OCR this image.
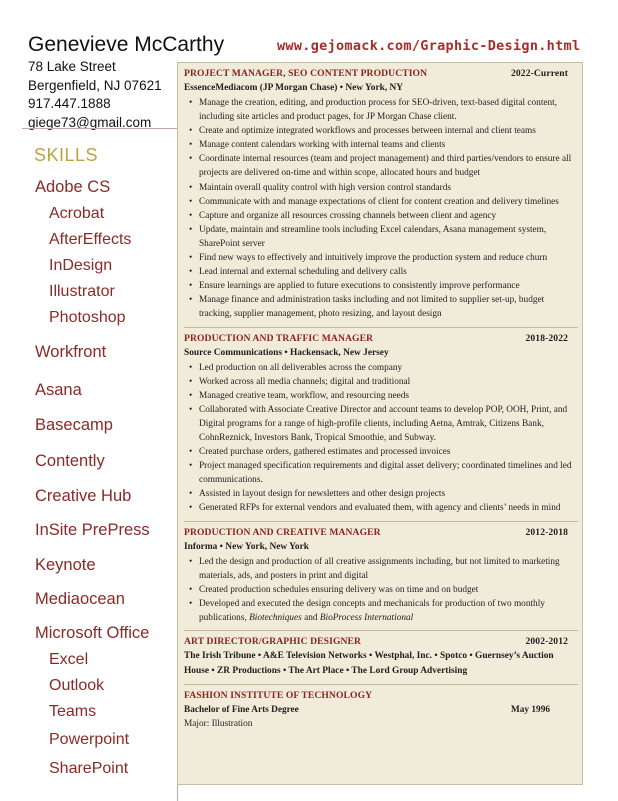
Genevieve McCarthy	www.gejomack.com/Graphic-Design.html
78 Lake Street
Bergenfield, NJ 07621
917.447.1888
giege73@gmail.com
SKILLS
Adobe CS
Acrobat
AfterEffects
InDesign
Illustrator
Photoshop
Workfront
Asana
Basecamp
Contently
Creative Hub
InSite PrePress
Keynote
Mediaocean
Microsoft Office
Excel
Outlook
Teams
Powerpoint
SharePoint
PROJECT MANAGER, SEO CONTENT PRODUCTION	2022-Current
EssenceMediacom (JP Morgan Chase) • New York, NY
• Manage the creation, editing, and production process for SEO-driven, text-based digital content, including site articles and product pages, for JP Morgan Chase client.
• Create and optimize integrated workflows and processes between internal and client teams
• Manage content calendars working with internal teams and clients
• Coordinate internal resources (team and project management) and third parties/vendors to ensure all projects are delivered on-time and within scope, allocated hours and budget
• Maintain overall quality control with high version control standards
• Communicate with and manage expectations of client for content creation and delivery timelines
• Capture and organize all resources crossing channels between client and agency
• Update, maintain and streamline tools including Excel calendars, Asana management system, SharePoint server
• Find new ways to effectively and intuitively improve the production system and reduce churn
• Lead internal and external scheduling and delivery calls
• Ensure learnings are applied to future executions to consistently improve performance
• Manage finance and administration tasks including and not limited to supplier set-up, budget tracking, supplier management, photo resizing, and layout design
PRODUCTION AND TRAFFIC MANAGER	2018-2022
Source Communications • Hackensack, New Jersey
• Led production on all deliverables across the company
• Worked across all media channels; digital and traditional
• Managed creative team, workflow, and resourcing needs
• Collaborated with Associate Creative Director and account teams to develop POP, OOH, Print, and Digital programs for a range of high-profile clients, including Aetna, Amtrak, Citizens Bank, CohnReznick, Investors Bank, Tropical Smoothie, and Subway.
• Created purchase orders, gathered estimates and processed invoices
• Project managed specification requirements and digital asset delivery; coordinated timelines and led communications.
• Assisted in layout design for newsletters and other design projects
• Generated RFPs for external vendors and evaluated them, with agency and clients’ needs in mind
PRODUCTION AND CREATIVE MANAGER	2012-2018
Informa • New York, New York
• Led the design and production of all creative assignments including, but not limited to marketing materials, ads, and posters in print and digital
• Created production schedules ensuring delivery was on time and on budget
• Developed and executed the design concepts and mechanicals for production of two monthly publications, Biotechniques and BioProcess International
ART DIRECTOR/GRAPHIC DESIGNER	2002-2012
The Irish Tribune • A&E Television Networks • Westphal, Inc. • Spotco • Guernsey’s Auction House • ZR Productions • The Art Place • The Lord Group Advertising
FASHION INSTITUTE OF TECHNOLOGY
Bachelor of Fine Arts Degree	May 1996
Major: Illustration
